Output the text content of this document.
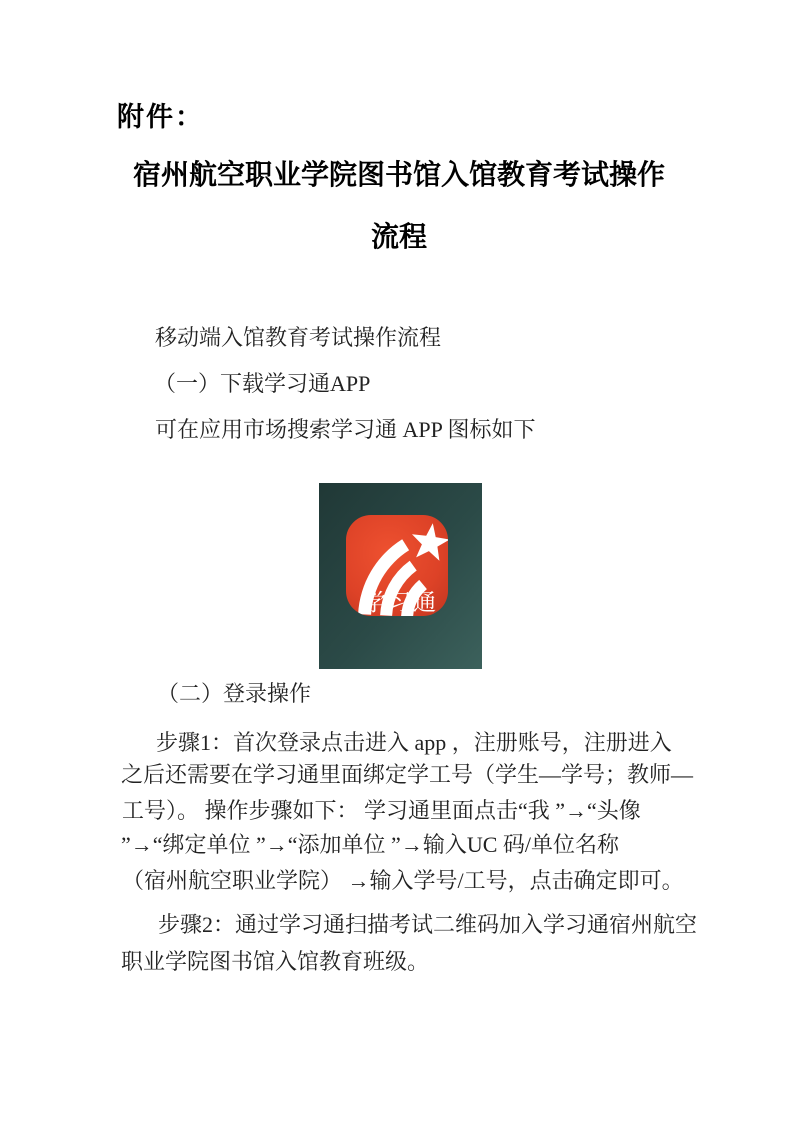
附件：
宿州航空职业学院图书馆入馆教育考试操作
流程
移动端入馆教育考试操作流程
（一）下载学习通APP
可在应用市场搜索学习通 APP 图标如下

学习通

（二）登录操作
步骤1：首次登录点击进入 app ，注册账号，注册进入
之后还需要在学习通里面绑定学工号（学生—学号；教师—
工号）。 操作步骤如下： 学习通里面点击“我 ”→“头像
”→“绑定单位 ”→“添加单位 ”→输入UC 码/单位名称
（宿州航空职业学院） →输入学号/工号，点击确定即可。
步骤2：通过学习通扫描考试二维码加入学习通宿州航空
职业学院图书馆入馆教育班级。
